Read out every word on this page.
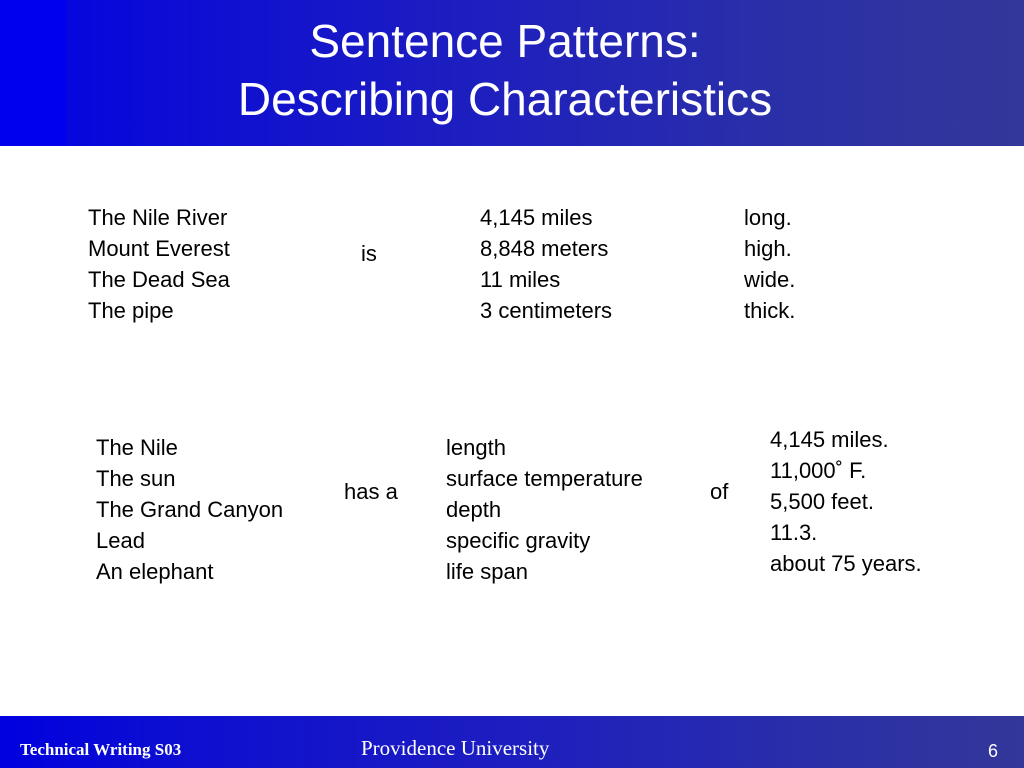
Sentence Patterns:
Describing Characteristics
The Nile River
Mount Everest
The Dead Sea
The pipe
is
4,145 miles
8,848 meters
11 miles
3 centimeters
long.
high.
wide.
thick.
The Nile
The sun
The Grand Canyon
Lead
An elephant
has a
length
surface temperature
depth
specific gravity
life span
of
4,145 miles.
11,000˚ F.
5,500 feet.
11.3.
about 75 years.
Technical Writing S03	Providence University	6
